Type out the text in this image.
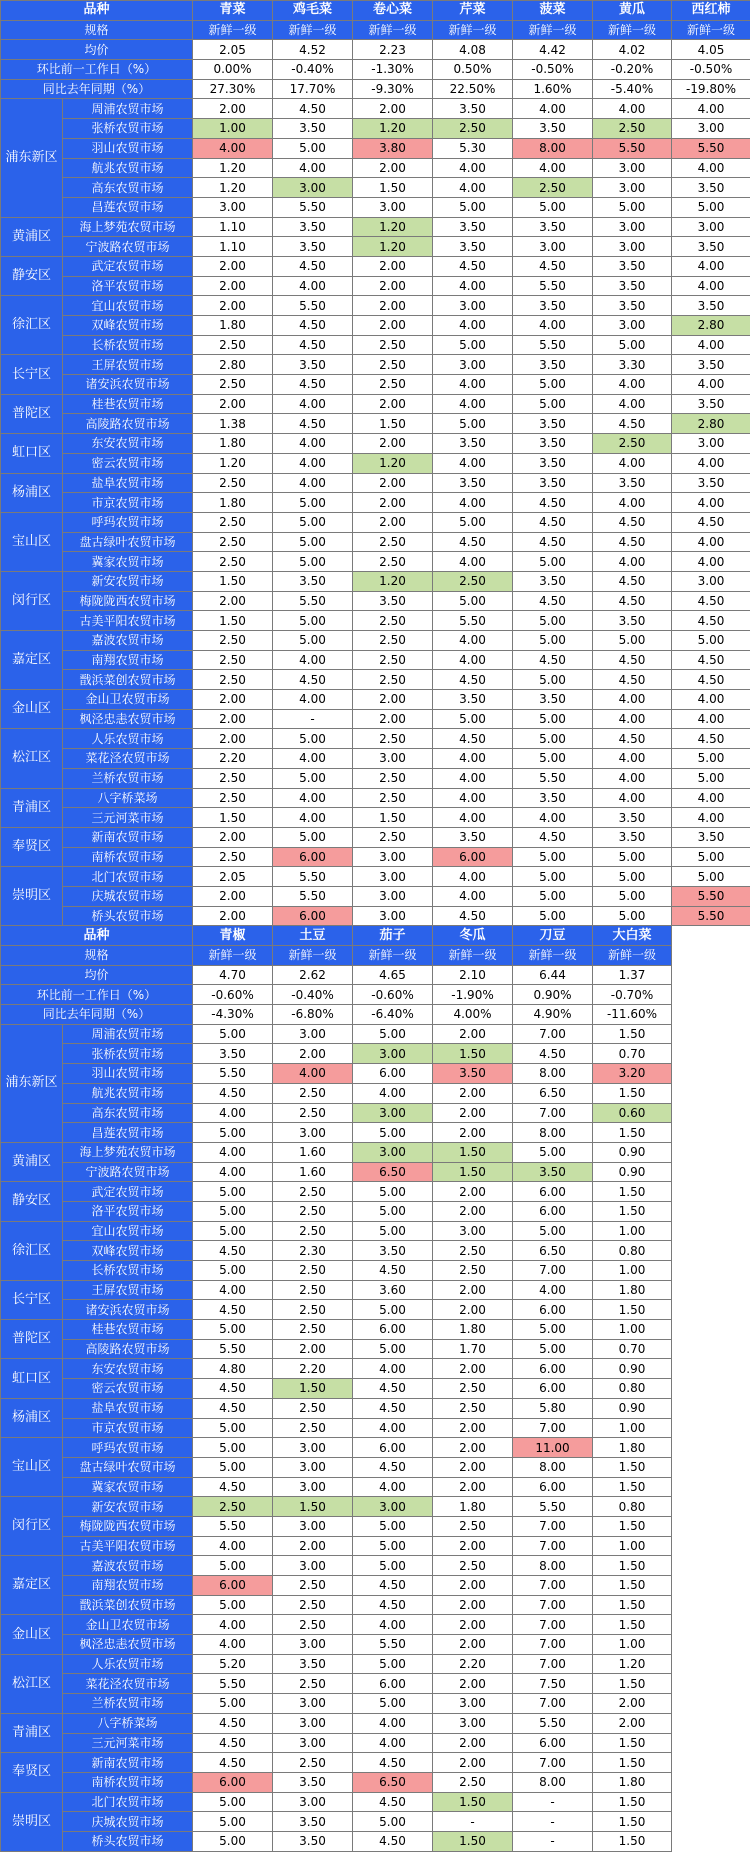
品种		青菜	鸡毛菜	卷心菜	芹菜	菠菜	黄瓜	西红柿
规格		新鲜一级	新鲜一级	新鲜一级	新鲜一级	新鲜一级	新鲜一级	新鲜一级
均价		2.05	4.52	2.23	4.08	4.42	4.02	4.05
环比前一工作日（%）		0.00%	-0.40%	-1.30%	0.50%	-0.50%	-0.20%	-0.50%
同比去年同期（%）		27.30%	17.70%	-9.30%	22.50%	1.60%	-5.40%	-19.80%
浦东新区	周浦农贸市场	2.00	4.50	2.00	3.50	4.00	4.00	4.00
	张桥农贸市场	1.00	3.50	1.20	2.50	3.50	2.50	3.00
	羽山农贸市场	4.00	5.00	3.80	5.30	8.00	5.50	5.50
	航兆农贸市场	1.20	4.00	2.00	4.00	4.00	3.00	4.00
	高东农贸市场	1.20	3.00	1.50	4.00	2.50	3.00	3.50
	昌莲农贸市场	3.00	5.50	3.00	5.00	5.00	5.00	5.00
黄浦区	海上梦苑农贸市场	1.10	3.50	1.20	3.50	3.50	3.00	3.00
	宁波路农贸市场	1.10	3.50	1.20	3.50	3.00	3.00	3.50
静安区	武定农贸市场	2.00	4.50	2.00	4.50	4.50	3.50	4.00
	洛平农贸市场	2.00	4.00	2.00	4.00	5.50	3.50	4.00
徐汇区	宜山农贸市场	2.00	5.50	2.00	3.00	3.50	3.50	3.50
	双峰农贸市场	1.80	4.50	2.00	4.00	4.00	3.00	2.80
	长桥农贸市场	2.50	4.50	2.50	5.00	5.50	5.00	4.00
长宁区	王屏农贸市场	2.80	3.50	2.50	3.00	3.50	3.30	3.50
	诸安浜农贸市场	2.50	4.50	2.50	4.00	5.00	4.00	4.00
普陀区	桂巷农贸市场	2.00	4.00	2.00	4.00	5.00	4.00	3.50
	高陵路农贸市场	1.38	4.50	1.50	5.00	3.50	4.50	2.80
虹口区	东安农贸市场	1.80	4.00	2.00	3.50	3.50	2.50	3.00
	密云农贸市场	1.20	4.00	1.20	4.00	3.50	4.00	4.00
杨浦区	盐阜农贸市场	2.50	4.00	2.00	3.50	3.50	3.50	3.50
	市京农贸市场	1.80	5.00	2.00	4.00	4.50	4.00	4.00
宝山区	呼玛农贸市场	2.50	5.00	2.00	5.00	4.50	4.50	4.50
	盘古绿叶农贸市场	2.50	5.00	2.50	4.50	4.50	4.50	4.00
	冀家农贸市场	2.50	5.00	2.50	4.00	5.00	4.00	4.00
闵行区	新安农贸市场	1.50	3.50	1.20	2.50	3.50	4.50	3.00
	梅陇陇西农贸市场	2.00	5.50	3.50	5.00	4.50	4.50	4.50
	古美平阳农贸市场	1.50	5.00	2.50	5.50	5.00	3.50	4.50
嘉定区	嘉波农贸市场	2.50	5.00	2.50	4.00	5.00	5.00	5.00
	南翔农贸市场	2.50	4.00	2.50	4.00	4.50	4.50	4.50
	戬浜菜创农贸市场	2.50	4.50	2.50	4.50	5.00	4.50	4.50
金山区	金山卫农贸市场	2.00	4.00	2.00	3.50	3.50	4.00	4.00
	枫泾忠恚农贸市场	2.00	-	2.00	5.00	5.00	4.00	4.00
松江区	人乐农贸市场	2.00	5.00	2.50	4.50	5.00	4.50	4.50
	菜花泾农贸市场	2.20	4.00	3.00	4.00	5.00	4.00	5.00
	兰桥农贸市场	2.50	5.00	2.50	4.00	5.50	4.00	5.00
青浦区	八字桥菜场	2.50	4.00	2.50	4.00	3.50	4.00	4.00
	三元河菜市场	1.50	4.00	1.50	4.00	4.00	3.50	4.00
奉贤区	新南农贸市场	2.00	5.00	2.50	3.50	4.50	3.50	3.50
	南桥农贸市场	2.50	6.00	3.00	6.00	5.00	5.00	5.00
崇明区	北门农贸市场	2.05	5.50	3.00	4.00	5.00	5.00	5.00
	庆城农贸市场	2.00	5.50	3.00	4.00	5.00	5.00	5.50
	桥头农贸市场	2.00	6.00	3.00	4.50	5.00	5.00	5.50
品种		青椒	土豆	茄子	冬瓜	刀豆	大白菜	
规格		新鲜一级	新鲜一级	新鲜一级	新鲜一级	新鲜一级	新鲜一级	
均价		4.70	2.62	4.65	2.10	6.44	1.37	
环比前一工作日（%）		-0.60%	-0.40%	-0.60%	-1.90%	0.90%	-0.70%	
同比去年同期（%）		-4.30%	-6.80%	-6.40%	4.00%	4.90%	-11.60%	
浦东新区	周浦农贸市场	5.00	3.00	5.00	2.00	7.00	1.50	
	张桥农贸市场	3.50	2.00	3.00	1.50	4.50	0.70	
	羽山农贸市场	5.50	4.00	6.00	3.50	8.00	3.20	
	航兆农贸市场	4.50	2.50	4.00	2.00	6.50	1.50	
	高东农贸市场	4.00	2.50	3.00	2.00	7.00	0.60	
	昌莲农贸市场	5.00	3.00	5.00	2.00	8.00	1.50	
黄浦区	海上梦苑农贸市场	4.00	1.60	3.00	1.50	5.00	0.90	
	宁波路农贸市场	4.00	1.60	6.50	1.50	3.50	0.90	
静安区	武定农贸市场	5.00	2.50	5.00	2.00	6.00	1.50	
	洛平农贸市场	5.00	2.50	5.00	2.00	6.00	1.50	
徐汇区	宜山农贸市场	5.00	2.50	5.00	3.00	5.00	1.00	
	双峰农贸市场	4.50	2.30	3.50	2.50	6.50	0.80	
	长桥农贸市场	5.00	2.50	4.50	2.50	7.00	1.00	
长宁区	王屏农贸市场	4.00	2.50	3.60	2.00	4.00	1.80	
	诸安浜农贸市场	4.50	2.50	5.00	2.00	6.00	1.50	
普陀区	桂巷农贸市场	5.00	2.50	6.00	1.80	5.00	1.00	
	高陵路农贸市场	5.50	2.00	5.00	1.70	5.00	0.70	
虹口区	东安农贸市场	4.80	2.20	4.00	2.00	6.00	0.90	
	密云农贸市场	4.50	1.50	4.50	2.50	6.00	0.80	
杨浦区	盐阜农贸市场	4.50	2.50	4.50	2.50	5.80	0.90	
	市京农贸市场	5.00	2.50	4.00	2.00	7.00	1.00	
宝山区	呼玛农贸市场	5.00	3.00	6.00	2.00	11.00	1.80	
	盘古绿叶农贸市场	5.00	3.00	4.50	2.00	8.00	1.50	
	冀家农贸市场	4.50	3.00	4.00	2.00	6.00	1.50	
闵行区	新安农贸市场	2.50	1.50	3.00	1.80	5.50	0.80	
	梅陇陇西农贸市场	5.50	3.00	5.00	2.50	7.00	1.50	
	古美平阳农贸市场	4.00	2.00	5.00	2.00	7.00	1.00	
嘉定区	嘉波农贸市场	5.00	3.00	5.00	2.50	8.00	1.50	
	南翔农贸市场	6.00	2.50	4.50	2.00	7.00	1.50	
	戬浜菜创农贸市场	5.00	2.50	4.50	2.00	7.00	1.50	
金山区	金山卫农贸市场	4.00	2.50	4.00	2.00	7.00	1.50	
	枫泾忠恚农贸市场	4.00	3.00	5.50	2.00	7.00	1.00	
松江区	人乐农贸市场	5.20	3.50	5.00	2.20	7.00	1.20	
	菜花泾农贸市场	5.50	2.50	6.00	2.00	7.50	1.50	
	兰桥农贸市场	5.00	3.00	5.00	3.00	7.00	2.00	
青浦区	八字桥菜场	4.50	3.00	4.00	3.00	5.50	2.00	
	三元河菜市场	4.50	3.00	4.00	2.00	6.00	1.50	
奉贤区	新南农贸市场	4.50	2.50	4.50	2.00	7.00	1.50	
	南桥农贸市场	6.00	3.50	6.50	2.50	8.00	1.80	
崇明区	北门农贸市场	5.00	3.00	4.50	1.50	-	1.50	
	庆城农贸市场	5.00	3.50	5.00	-	-	1.50	
	桥头农贸市场	5.00	3.50	4.50	1.50	-	1.50	
